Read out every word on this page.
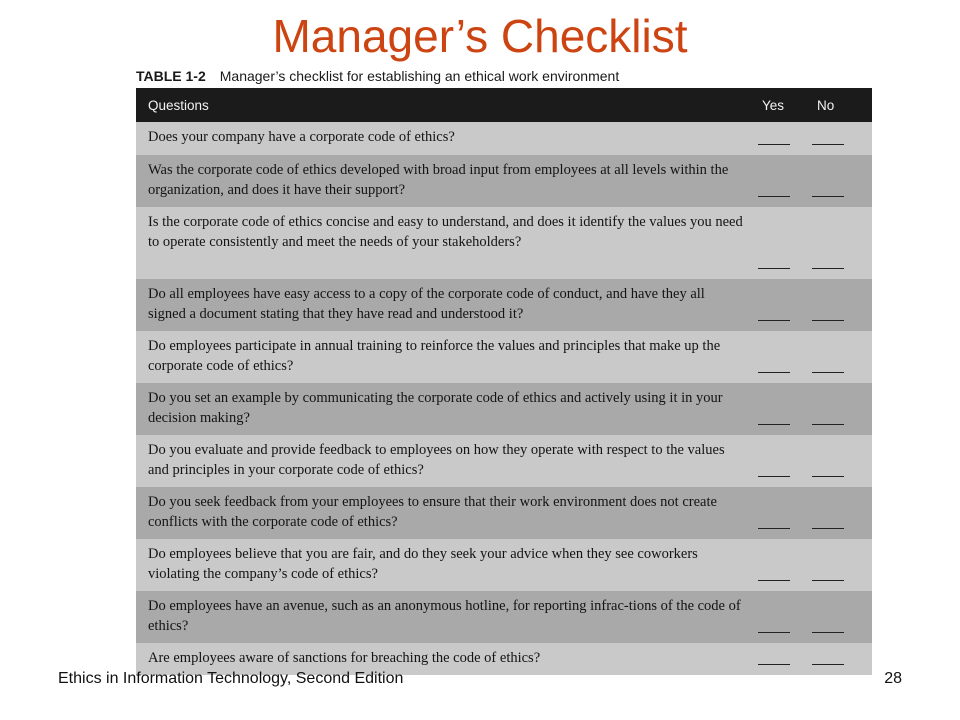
Manager’s Checklist
TABLE 1-2 Manager’s checklist for establishing an ethical work environment
Questions	Yes	No
Does your company have a corporate code of ethics?
Was the corporate code of ethics developed with broad input from employees at all levels within the organization, and does it have their support?
Is the corporate code of ethics concise and easy to understand, and does it identify the values you need to operate consistently and meet the needs of your stakeholders?
Do all employees have easy access to a copy of the corporate code of conduct, and have they all signed a document stating that they have read and understood it?
Do employees participate in annual training to reinforce the values and principles that make up the corporate code of ethics?
Do you set an example by communicating the corporate code of ethics and actively using it in your decision making?
Do you evaluate and provide feedback to employees on how they operate with respect to the values and principles in your corporate code of ethics?
Do you seek feedback from your employees to ensure that their work environment does not create conflicts with the corporate code of ethics?
Do employees believe that you are fair, and do they seek your advice when they see coworkers violating the company’s code of ethics?
Do employees have an avenue, such as an anonymous hotline, for reporting infrac-tions of the code of ethics?
Are employees aware of sanctions for breaching the code of ethics?
Ethics in Information Technology, Second Edition	28
